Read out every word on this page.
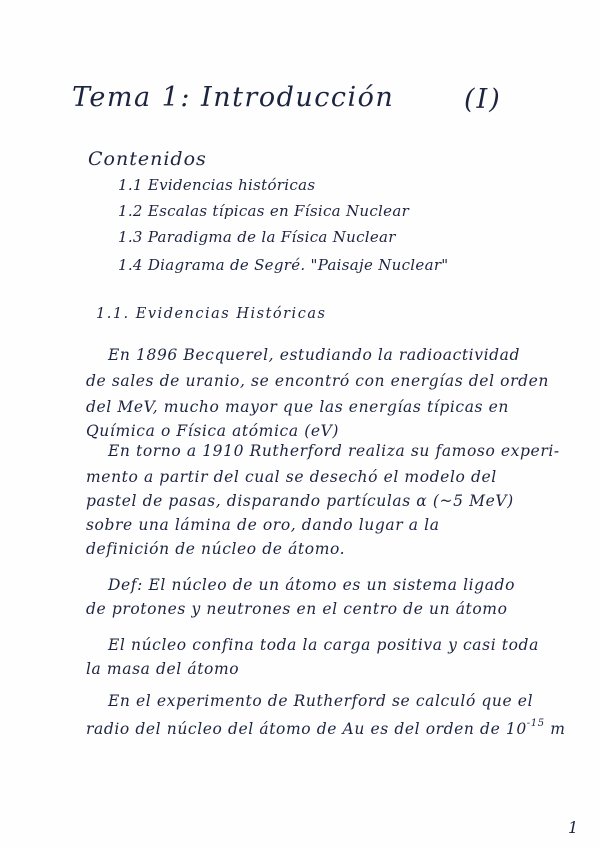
Tema 1: Introducción	(I)
Contenidos
1.1 Evidencias históricas
1.2 Escalas típicas en Física Nuclear
1.3 Paradigma de la Física Nuclear
1.4 Diagrama de Segré. "Paisaje Nuclear"
1.1. Evidencias Históricas
En 1896 Becquerel, estudiando la radioactividad
de sales de uranio, se encontró con energías del orden
del MeV, mucho mayor que las energías típicas en
Química o Física atómica (eV)
En torno a 1910 Rutherford realiza su famoso experi-
mento a partir del cual se desechó el modelo del
pastel de pasas, disparando partículas α (~5 MeV)
sobre una lámina de oro, dando lugar a la
definición de núcleo de átomo.
Def: El núcleo de un átomo es un sistema ligado
de protones y neutrones en el centro de un átomo
El núcleo confina toda la carga positiva y casi toda
la masa del átomo
En el experimento de Rutherford se calculó que el
radio del núcleo del átomo de Au es del orden de $10^{-15}$ m
1
